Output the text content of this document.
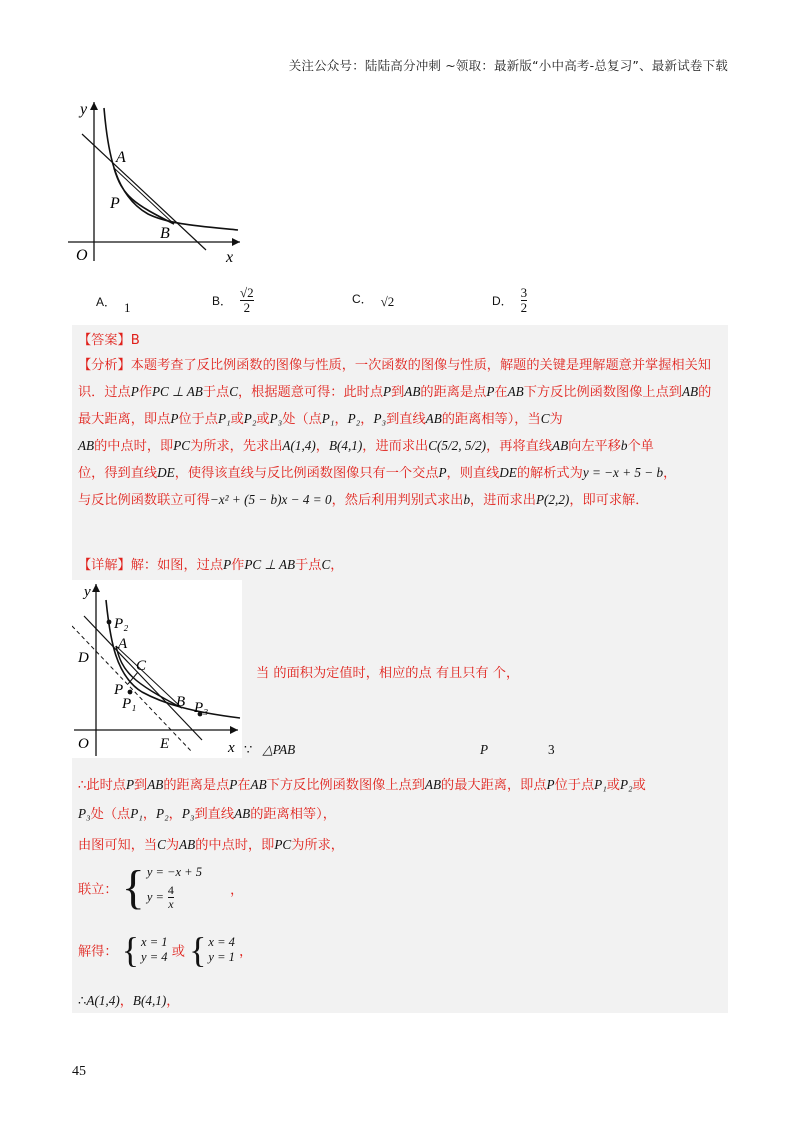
关注公众号：陆陆高分冲刺 ~领取：最新版“小中高考-总复习”、最新试卷下载
y
x
O
A
P
B
A． 1	B． $\frac{√2}{2}$	C． √2	D． $\frac{3}{2}$
【答案】B
【分析】本题考查了反比例函数的图像与性质，一次函数的图像与性质，解题的关键是理解题意并掌握相关知识．过点P作PC ⊥ AB于点C，根据题意可得：此时点P到AB的距离是点P在AB下方反比例函数图像上点到AB的最大距离，即点P位于点P₁或P₂或P₃处（点P₁，P₂，P₃到直线AB的距离相等），当C为
AB的中点时，即PC为所求，先求出A(1,4)，B(4,1)，进而求出C(5/2, 5/2)，再将直线AB向左平移b个单
位，得到直线DE，使得该直线与反比例函数图像只有一个交点P，则直线DE的解析式为y = −x + 5 − b，
与反比例函数联立可得−x² + (5 − b)x − 4 = 0，然后利用判别式求出b，进而求出P(2,2)，即可求解．
【详解】解：如图，过点P作PC ⊥ AB于点C，
y
x
O
P₂
A
D	C
P
P₁	B P₃
E
当 的面积为定值时，相应的点 有且只有 个，
∵ △PAB	P	3
∴此时点P到AB的距离是点P在AB下方反比例函数图像上点到AB的最大距离，即点P位于点P₁或P₂或
P₃处（点P₁，P₂，P₃到直线AB的距离相等），
由图可知，当C为AB的中点时，即PC为所求，
联立： { y = −x + 5
$y = \frac{4}{x}$	，
解得： { x = 1
y = 4 或 { x = 4
y = 1 ，
∴A(1,4)，B(4,1)，
45
